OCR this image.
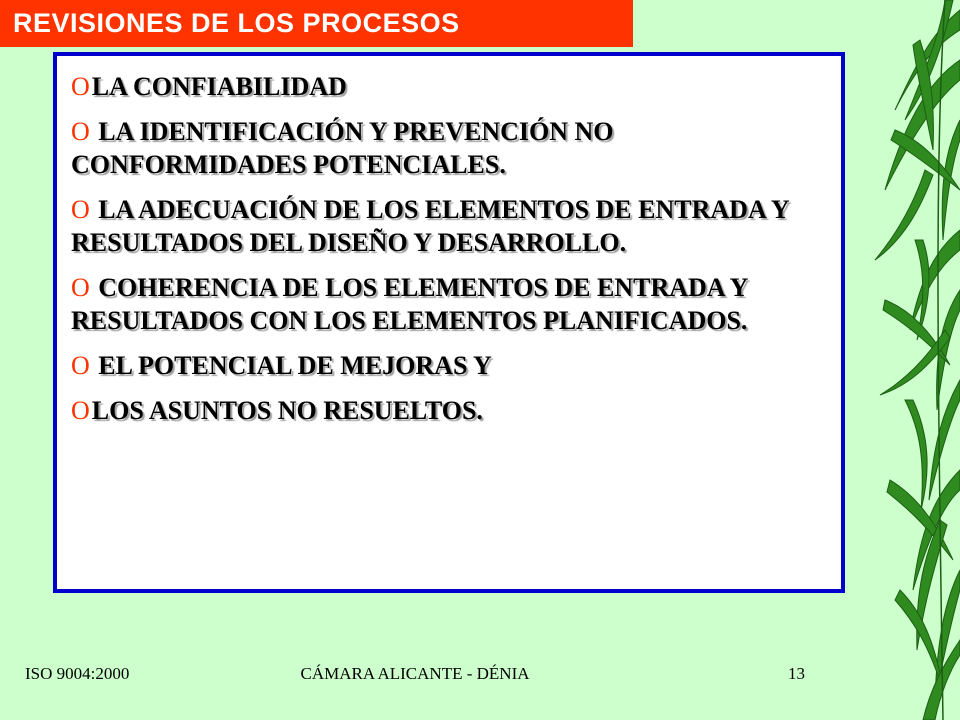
REVISIONES DE LOS PROCESOS
OLA CONFIABILIDAD
O LA IDENTIFICACIÓN Y PREVENCIÓN NO CONFORMIDADES POTENCIALES.
O LA ADECUACIÓN DE LOS ELEMENTOS DE ENTRADA Y RESULTADOS DEL DISEÑO Y DESARROLLO.
O COHERENCIA DE LOS ELEMENTOS DE ENTRADA Y RESULTADOS CON LOS ELEMENTOS PLANIFICADOS.
O EL POTENCIAL DE MEJORAS Y
OLOS ASUNTOS NO RESUELTOS.
ISO 9004:2000	CÁMARA ALICANTE - DÉNIA	13
